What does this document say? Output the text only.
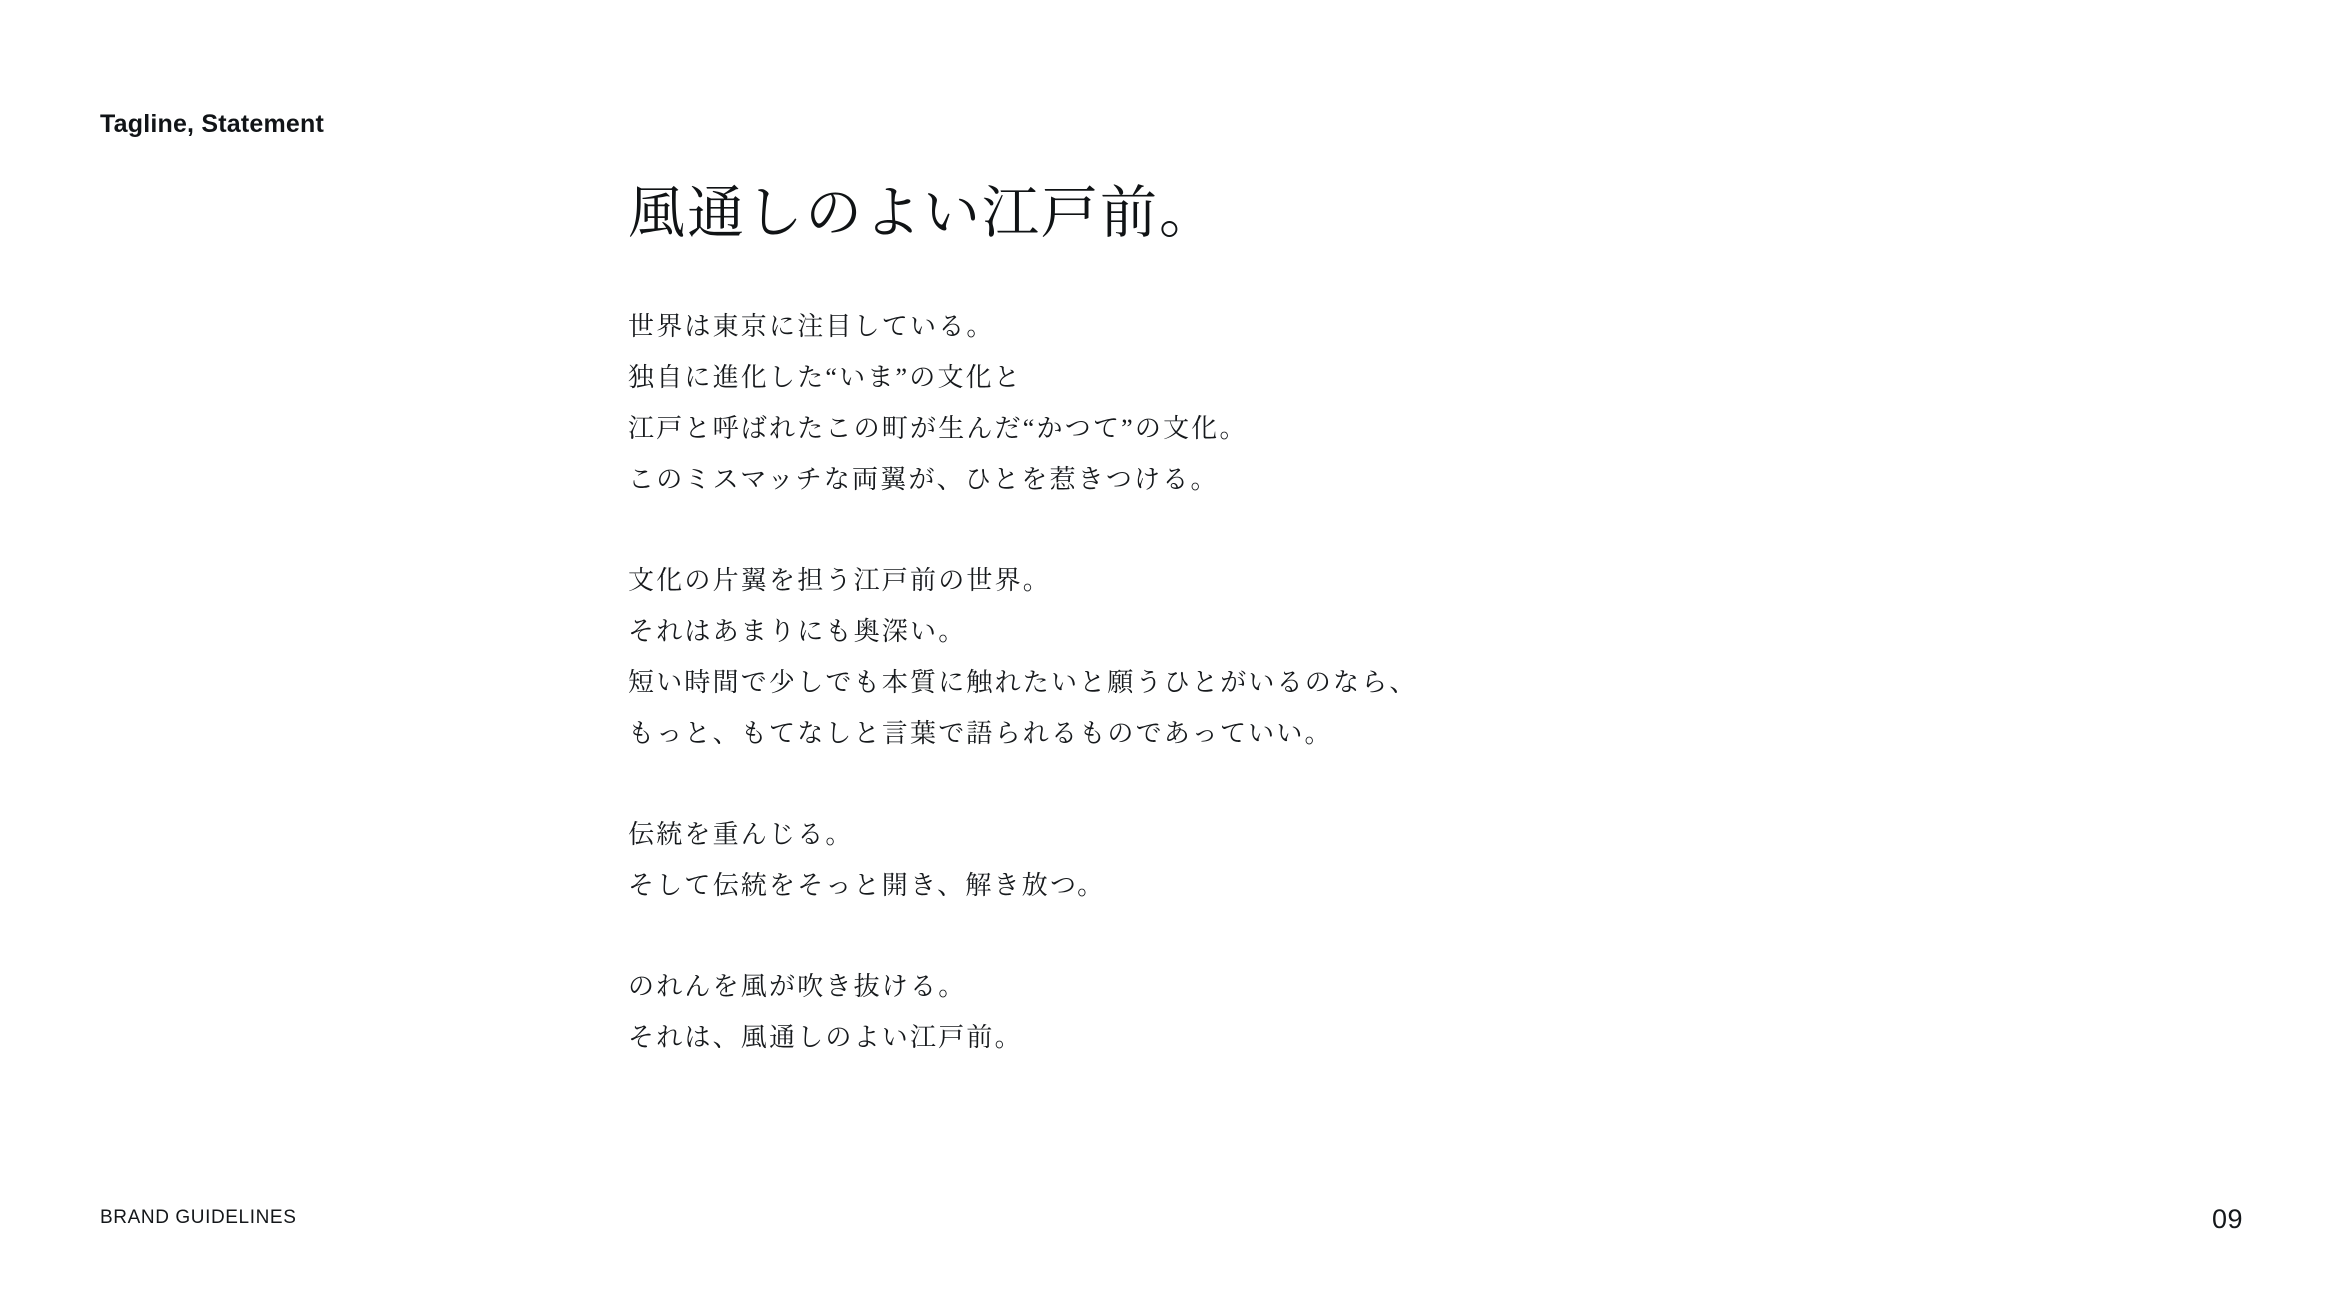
Tagline, Statement
風通しのよい江戸前。
世界は東京に注目している。
独自に進化した“いま”の文化と
江戸と呼ばれたこの町が生んだ“かつて”の文化。
このミスマッチな両翼が、ひとを惹きつける。
文化の片翼を担う江戸前の世界。
それはあまりにも奥深い。
短い時間で少しでも本質に触れたいと願うひとがいるのなら、
もっと、もてなしと言葉で語られるものであっていい。
伝統を重んじる。
そして伝統をそっと開き、解き放つ。
のれんを風が吹き抜ける。
それは、風通しのよい江戸前。
BRAND GUIDELINES	09
